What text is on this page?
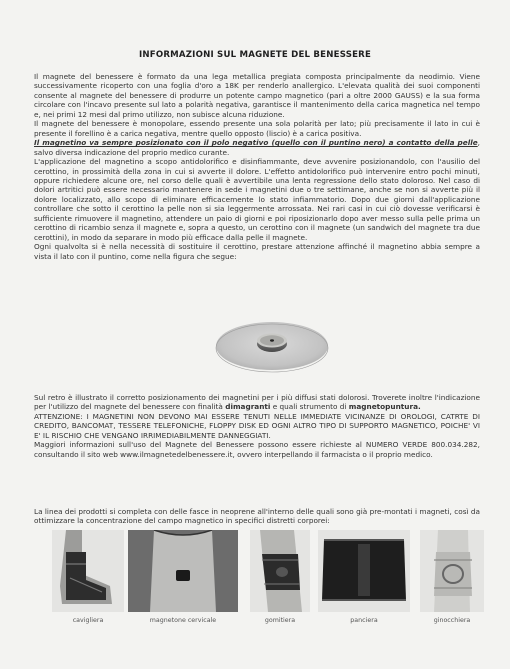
INFORMAZIONI SUL MAGNETE DEL BENESSERE

Il magnete del benessere è formato da una lega metallica pregiata composta principalmente da neodimio. Viene successivamente ricoperto con una foglia d'oro a 18K per renderlo anallergico. L'elevata qualità dei suoi componenti consente al magnete del benessere di produrre un potente campo magnetico (pari a oltre 2000 GAUSS) e la sua forma circolare con l'incavo presente sul lato a polarità negativa, garantisce il mantenimento della carica magnetica nel tempo e, nei primi 12 mesi dal primo utilizzo, non subisce alcuna riduzione.

Il magnete del benessere è monopolare, essendo presente una sola polarità per lato; più precisamente il lato in cui è presente il forellino è a carica negativa, mentre quello opposto (liscio) è a carica positiva.

Il magnetino va sempre posizionato con il polo negativo (quello con il puntino nero) a contatto della pelle, salvo diversa indicazione del proprio medico curante.

L'applicazione del magnetino a scopo antidolorifico e disinfiammante, deve avvenire posizionandolo, con l'ausilio del cerottino, in prossimità della zona in cui si avverte il dolore. L'effetto antidolorifico può intervenire entro pochi minuti, oppure richiedere alcune ore, nel corso delle quali è avvertibile una lenta regressione dello stato doloroso. Nel caso di dolori artritici può essere necessario mantenere in sede i magnetini due o tre settimane, anche se non si avverte più il dolore localizzato, allo scopo di eliminare efficacemente lo stato infiammatorio. Dopo due giorni dall'applicazione controllare che sotto il cerottino la pelle non si sia leggermente arrossata. Nei rari casi in cui ciò dovesse verificarsi è sufficiente rimuovere il magnetino, attendere un paio di giorni e poi riposizionarlo dopo aver messo sulla pelle prima un cerottino di ricambio senza il magnete e, sopra a questo, un cerottino con il magnete (un sandwich del magnete tra due cerottini), in modo da separare in modo più efficace dalla pelle il magnete.

Ogni qualvolta si è nella necessità di sostituire il cerottino, prestare attenzione affinché il magnetino abbia sempre a vista il lato con il puntino, come nella figura che segue:

Sul retro è illustrato il corretto posizionamento dei magnetini per i più diffusi stati dolorosi. Troverete inoltre l'indicazione per l'utilizzo del magnete del benessere con finalità dimagranti e quali strumento di magnetopuntura.

ATTENZIONE: I MAGNETINI NON DEVONO MAI ESSERE TENUTI NELLE IMMEDIATE VICINANZE DI OROLOGI, CATRTE DI CREDITO, BANCOMAT, TESSERE TELEFONICHE, FLOPPY DISK ED OGNI ALTRO TIPO DI SUPPORTO MAGNETICO, POICHE' VI E' IL RISCHIO CHE VENGANO IRRIMEDIABILMENTE DANNEGGIATI.

Maggiori informazioni sull'uso del Magnete del Benessere possono essere richieste al NUMERO VERDE 800.034.282, consultando il sito web www.ilmagnetedelbenessere.it, ovvero interpellando il farmacista o il proprio medico.

La linea dei prodotti si completa con delle fasce in neoprene all'interno delle quali sono già pre-montati i magneti, così da ottimizzare la concentrazione del campo magnetico in specifici distretti corporei:

cavigliera	magnetone cervicale	gomitiera	panciera	ginocchiera
